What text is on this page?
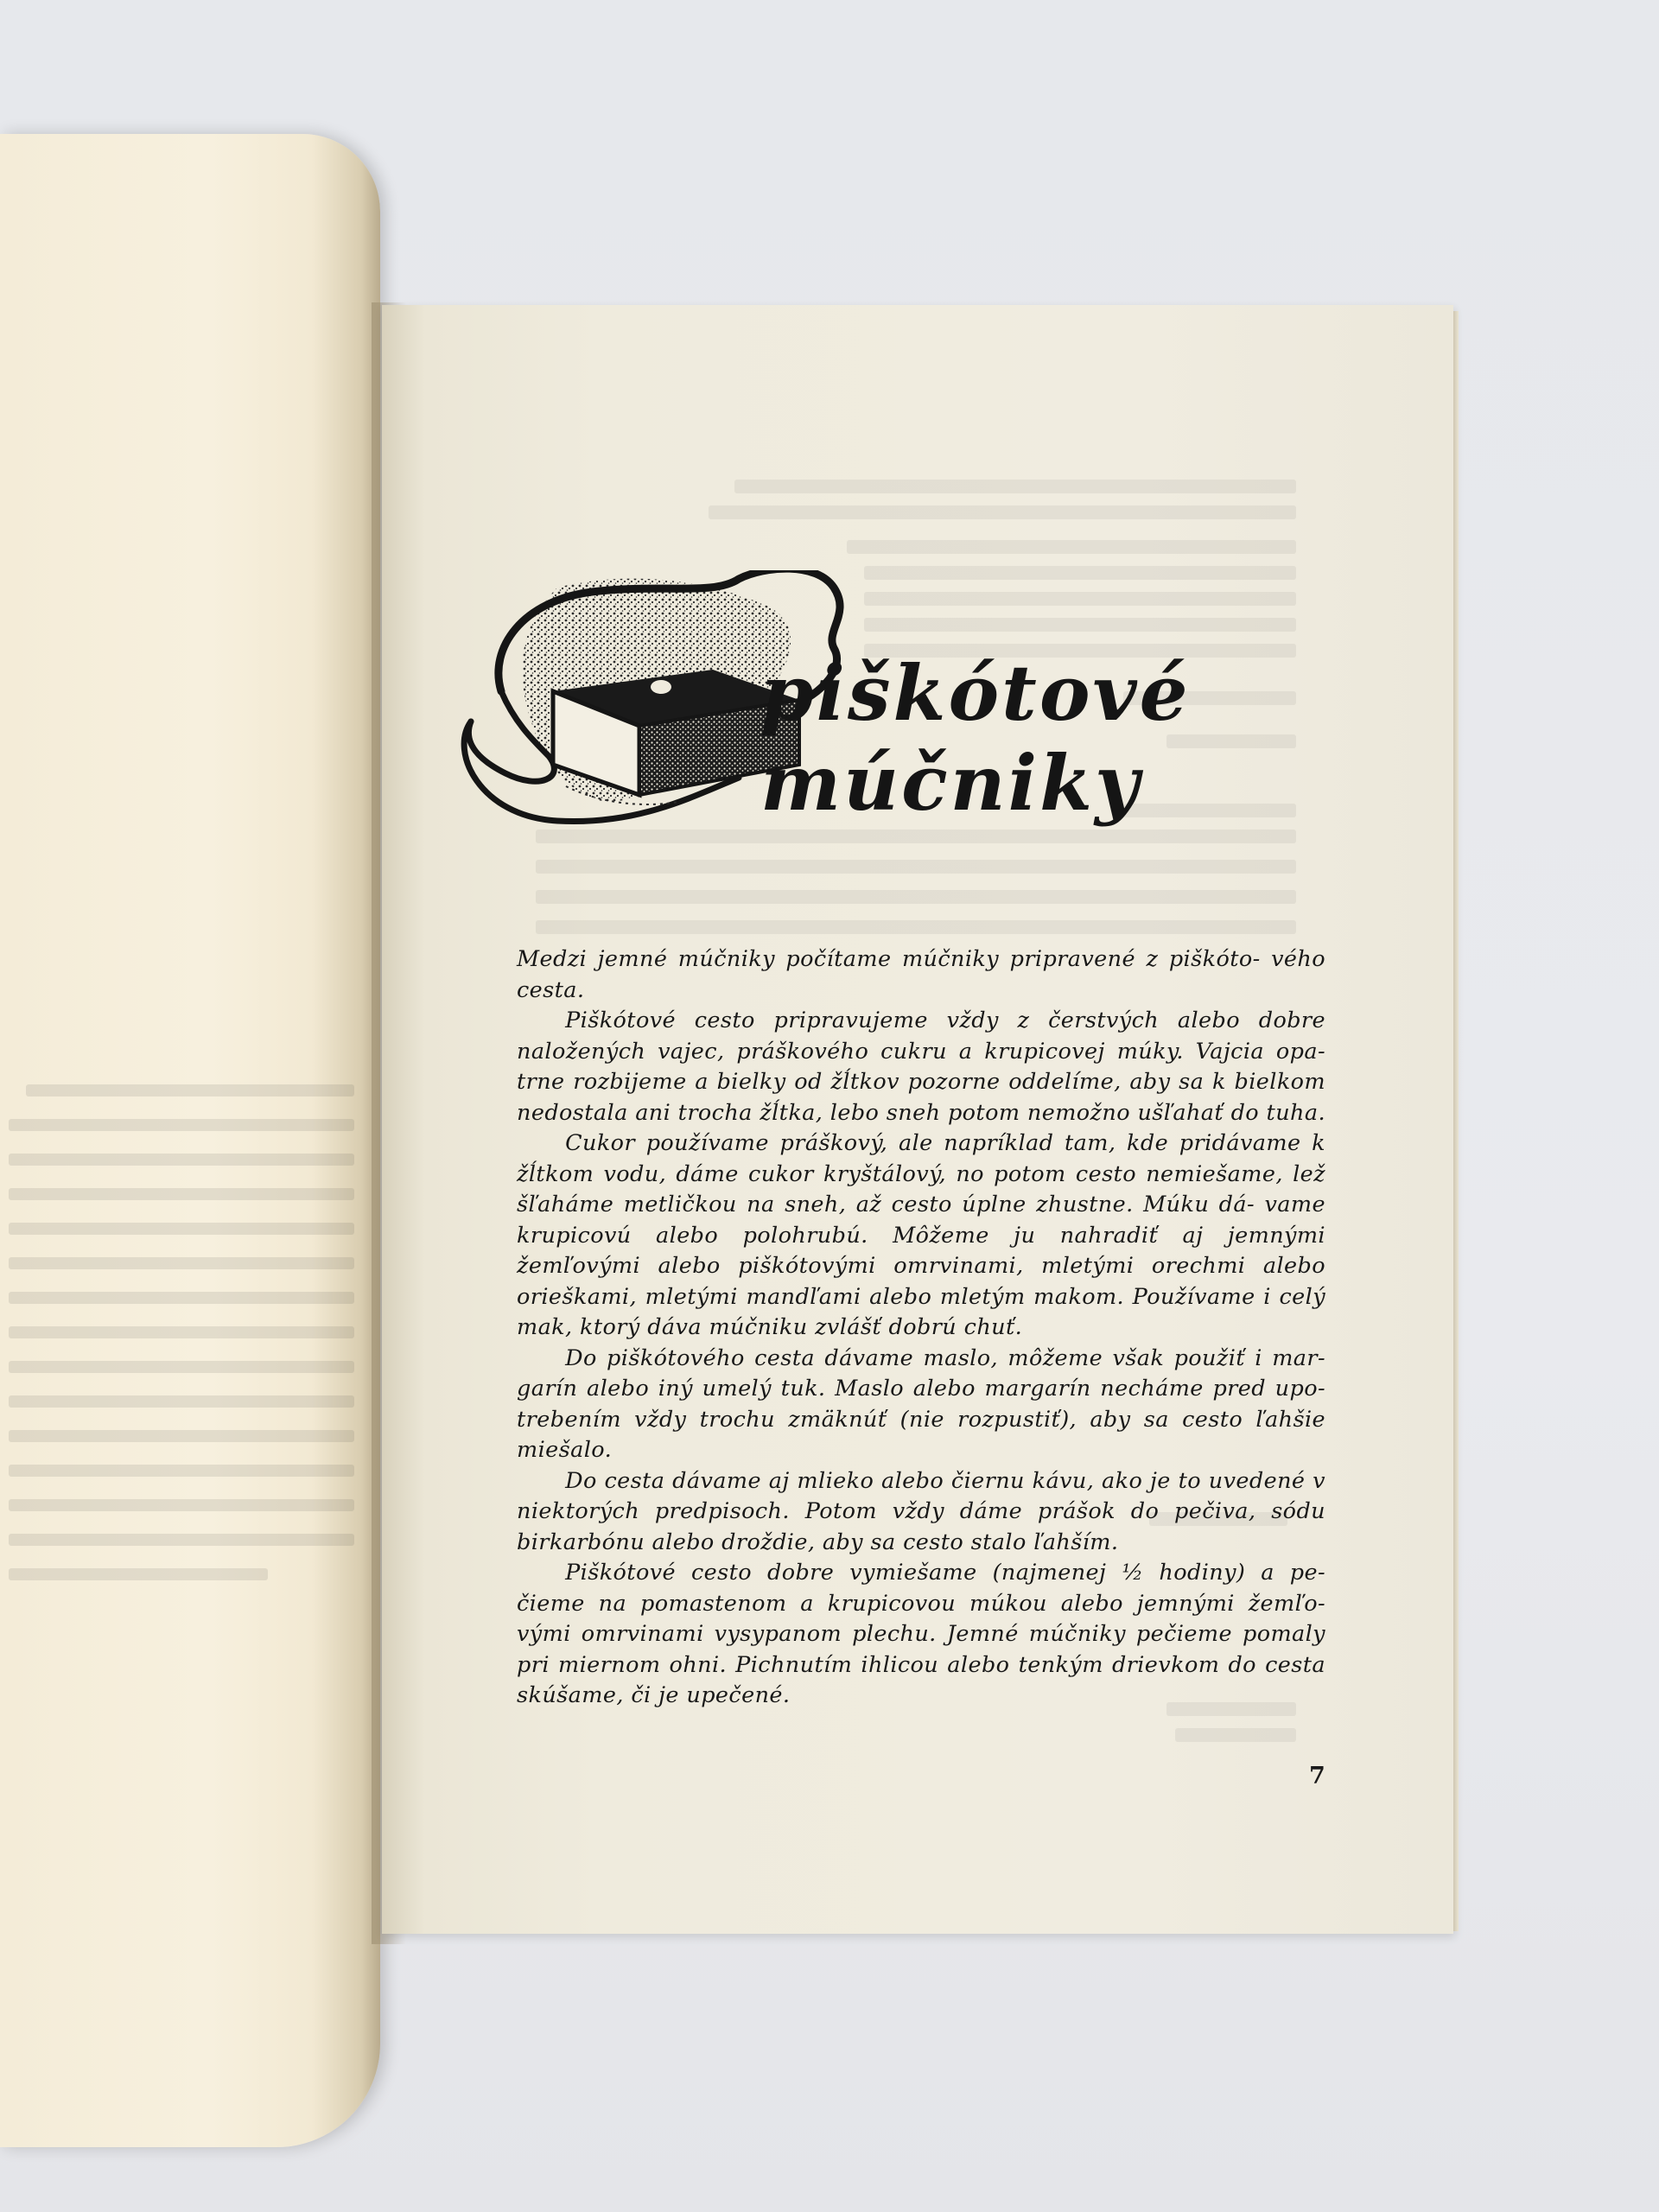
piškótové
múčniky

Medzi jemné múčniky počítame múčniky pripravené z piškóto- vého cesta.

Piškótové cesto pripravujeme vždy z čerstvých alebo dobre naložených vajec, práškového cukru a krupicovej múky. Vajcia opa- trne rozbijeme a bielky od žĺtkov pozorne oddelíme, aby sa k bielkom nedostala ani trocha žĺtka, lebo sneh potom nemožno ušľahať do tuha.

Cukor používame práškový, ale napríklad tam, kde pridávame k žĺtkom vodu, dáme cukor kryštálový, no potom cesto nemiešame, lež šľaháme metličkou na sneh, až cesto úplne zhustne. Múku dá- vame krupicovú alebo polohrubú. Môžeme ju nahradiť aj jemnými žemľovými alebo piškótovými omrvinami, mletými orechmi alebo orieškami, mletými mandľami alebo mletým makom. Používame i celý mak, ktorý dáva múčniku zvlášť dobrú chuť.

Do piškótového cesta dávame maslo, môžeme však použiť i mar- garín alebo iný umelý tuk. Maslo alebo margarín necháme pred upo- trebením vždy trochu zmäknúť (nie rozpustiť), aby sa cesto ľahšie miešalo.

Do cesta dávame aj mlieko alebo čiernu kávu, ako je to uvedené v niektorých predpisoch. Potom vždy dáme prášok do pečiva, sódu birkarbónu alebo droždie, aby sa cesto stalo ľahším.

Piškótové cesto dobre vymiešame (najmenej ½ hodiny) a pe- čieme na pomastenom a krupicovou múkou alebo jemnými žemľo- vými omrvinami vysypanom plechu. Jemné múčniky pečieme pomaly pri miernom ohni. Pichnutím ihlicou alebo tenkým drievkom do cesta skúšame, či je upečené.

7
